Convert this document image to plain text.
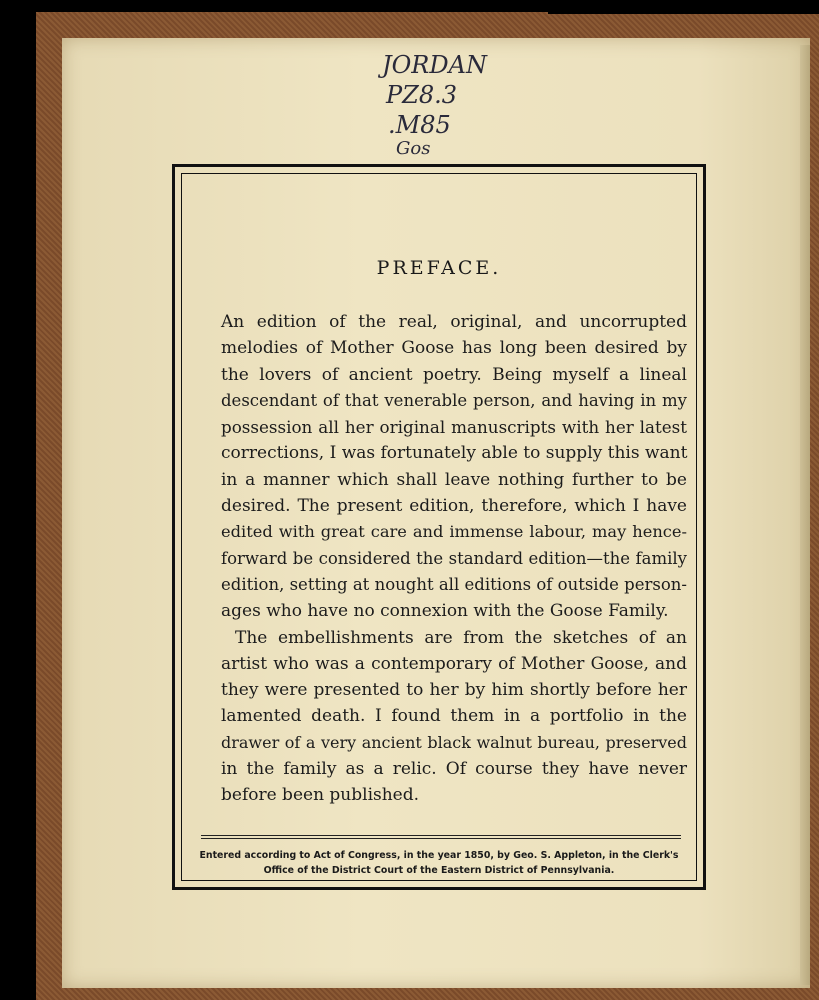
JORDAN
PZ8.3
.M85
Gos
PREFACE.

An edition of the real, original, and uncorrupted
melodies of Mother Goose has long been desired by
the lovers of ancient poetry. Being myself a lineal
descendant of that venerable person, and having in my
possession all her original manuscripts with her latest
corrections, I was fortunately able to supply this want
in a manner which shall leave nothing further to be
desired. The present edition, therefore, which I have
edited with great care and immense labour, may hence-
forward be considered the standard edition—the family
edition, setting at nought all editions of outside person-
ages who have no connexion with the Goose Family.

The embellishments are from the sketches of an
artist who was a contemporary of Mother Goose, and
they were presented to her by him shortly before her
lamented death. I found them in a portfolio in the
drawer of a very ancient black walnut bureau, preserved
in the family as a relic. Of course they have never
before been published.

Entered according to Act of Congress, in the year 1850, by Geo. S. Appleton, in the Clerk's
Office of the District Court of the Eastern District of Pennsylvania.
